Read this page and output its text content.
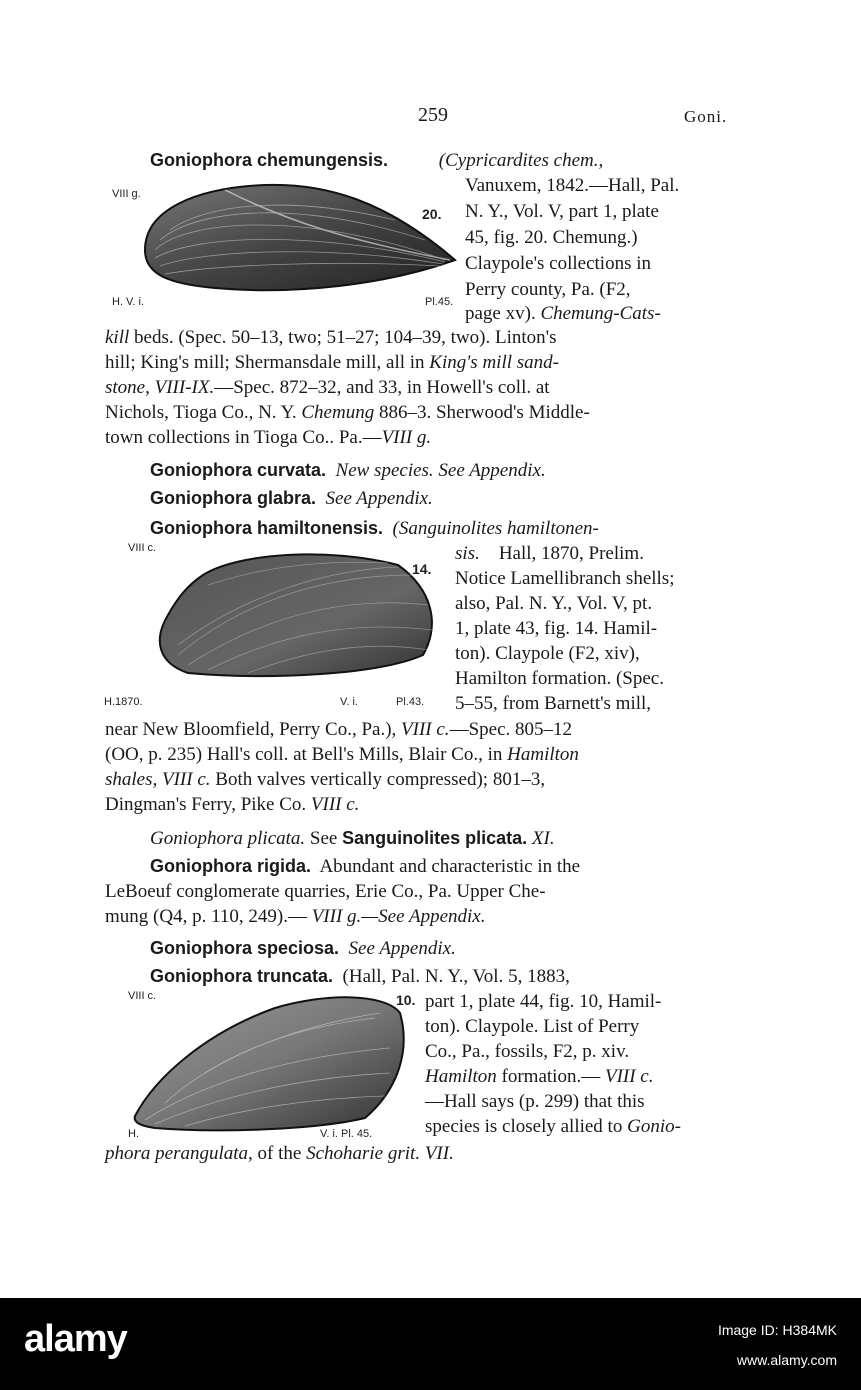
259	Goni.
VIII g.
20.
H. V. i.	Pl.45.
Goniophora chemungensis.	(Cypricardites chem.,
Vanuxem, 1842.—Hall, Pal.
N. Y., Vol. V, part 1, plate
45, fig. 20. Chemung.)
Claypole's collections in
Perry county, Pa. (F2,
page xv). Chemung-Cats-
kill beds. (Spec. 50–13, two; 51–27; 104–39, two). Linton's
hill; King's mill; Shermansdale mill, all in King's mill sand-
stone, VIII-IX.—Spec. 872–32, and 33, in Howell's coll. at
Nichols, Tioga Co., N. Y. Chemung 886–3. Sherwood's Middle-
town collections in Tioga Co.. Pa.—VIII g.
Goniophora curvata. New species. See Appendix.
Goniophora glabra. See Appendix.
Goniophora hamiltonensis. (Sanguinolites hamiltonen-
VIII c.
14.
H.1870.	V. i.	Pl.43.
sis. Hall, 1870, Prelim.
Notice Lamellibranch shells;
also, Pal. N. Y., Vol. V, pt.
1, plate 43, fig. 14. Hamil-
ton). Claypole (F2, xiv),
Hamilton formation. (Spec.
5–55, from Barnett's mill,
near New Bloomfield, Perry Co., Pa.), VIII c.—Spec. 805–12
(OO, p. 235) Hall's coll. at Bell's Mills, Blair Co., in Hamilton
shales, VIII c. Both valves vertically compressed); 801–3,
Dingman's Ferry, Pike Co. VIII c.
Goniophora plicata. See Sanguinolites plicata. XI.
Goniophora rigida. Abundant and characteristic in the
LeBoeuf conglomerate quarries, Erie Co., Pa. Upper Che-
mung (Q4, p. 110, 249).— VIII g.—See Appendix.
Goniophora speciosa. See Appendix.
Goniophora truncata. (Hall, Pal. N. Y., Vol. 5, 1883,
VIII c.	10.
H.	V. i. Pl. 45.
part 1, plate 44, fig. 10, Hamil-
ton). Claypole. List of Perry
Co., Pa., fossils, F2, p. xiv.
Hamilton formation.— VIII c.
—Hall says (p. 299) that this
species is closely allied to Gonio-
phora perangulata, of the Schoharie grit. VII.
alamy	Image ID: H384MK
www.alamy.com
